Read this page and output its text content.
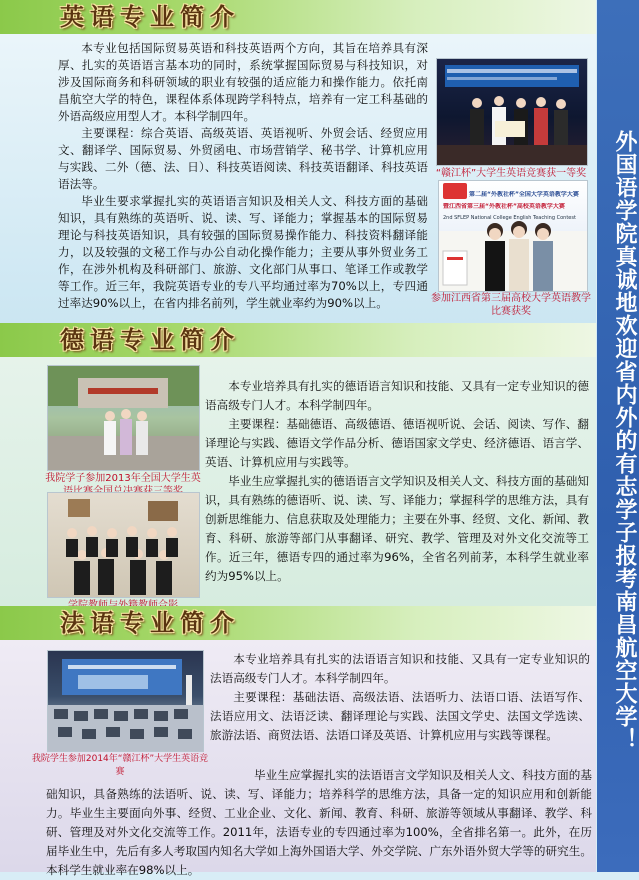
英语专业简介

本专业包括国际贸易英语和科技英语两个方向，其旨在培养具有深厚、扎实的英语语言基本功的同时，系统掌握国际贸易与科技知识，对涉及国际商务和科研领域的职业有较强的适应能力和操作能力。依托南昌航空大学的特色，课程体系体现跨学科特点，培养有一定工科基础的外语高级应用型人才。本科学制四年。

主要课程：综合英语、高级英语、英语视听、外贸会话、经贸应用文、翻译学、国际贸易、外贸函电、市场营销学、秘书学、计算机应用与实践、二外（德、法、日）、科技英语阅读、科技英语翻译、科技英语语法等。

毕业生要求掌握扎实的英语语言知识及相关人文、科技方面的基础知识，具有熟练的英语听、说、读、写、译能力；掌握基本的国际贸易理论与科技英语知识，具有较强的国际贸易操作能力、科技资料翻译能力，以及较强的文秘工作与办公自动化操作能力；主要从事外贸业务工作，在涉外机构及科研部门、旅游、文化部门从事口、笔译工作或教学等工作。近三年，我院英语专业的专八平均通过率为70%以上，专四通过率达90%以上，在省内排名前列，学生就业率约为90%以上。

“赣江杯”大学生英语竞赛获一等奖
第二届“外教社杯”全国大学英语教学大赛
暨江西省第三届“外教社杯”高校英语教学大赛
2nd SFLEP National College English Teaching Contest
参加江西省第三届高校大学英语教学比赛获奖
德语专业简介
我院学子参加2013年全国大学生英

本专业培养具有扎实的德语语言知识和技能、又具有一定专业知识的德语高级专门人才。本科学制四年。

主要课程：基础德语、高级德语、德语视听说、会话、阅读、写作、翻译理论与实践、德语文学作品分析、德语国家文学史、经济德语、语言学、英语、计算机应用与实践等。

毕业生应掌握扎实的德语语言文学知识及相关人文、科技方面的基础知识，具有熟练的德语听、说、读、写、译能力；掌握科学的思维方法，具有创新思维能力、信息获取及处理能力；主要在外事、经贸、文化、新闻、教育、科研、旅游等部门从事翻译、研究、教学、管理及对外文化交流等工作。近三年，德语专四的通过率为96%，全省名列前茅，本科学生就业率约为95%以上。

法语专业简介
我院学生参加2014年“赣江杯”大学生英语竞赛

本专业培养具有扎实的法语语言知识和技能、又具有一定专业知识的法语高级专门人才。本科学制四年。

主要课程：基础法语、高级法语、法语听力、法语口语、法语写作、法语应用文、法语泛读、翻译理论与实践、法国文学史、法国文学选读、旅游法语、商贸法语、法语口译及英语、计算机应用与实践等课程。

毕业生应掌握扎实的法语语言文学知识及相关人文、科技方面的基础知识，具备熟练的法语听、说、读、写、译能力；培养科学的思维方法，具备一定的知识应用和创新能力。毕业生主要面向外事、经贸、工业企业、文化、新闻、教育、科研、旅游等领域从事翻译、教学、科研、管理及对外文化交流等工作。2011年，法语专业的专四通过率为100%，全省排名第一。此外，在历届毕业生中，先后有多人考取国内知名大学如上海外国语大学、外交学院、广东外语外贸大学等的研究生。本科学生就业率在98%以上。

外国语学院真诚地欢迎省内外的有志学子报考南昌航空大学！
